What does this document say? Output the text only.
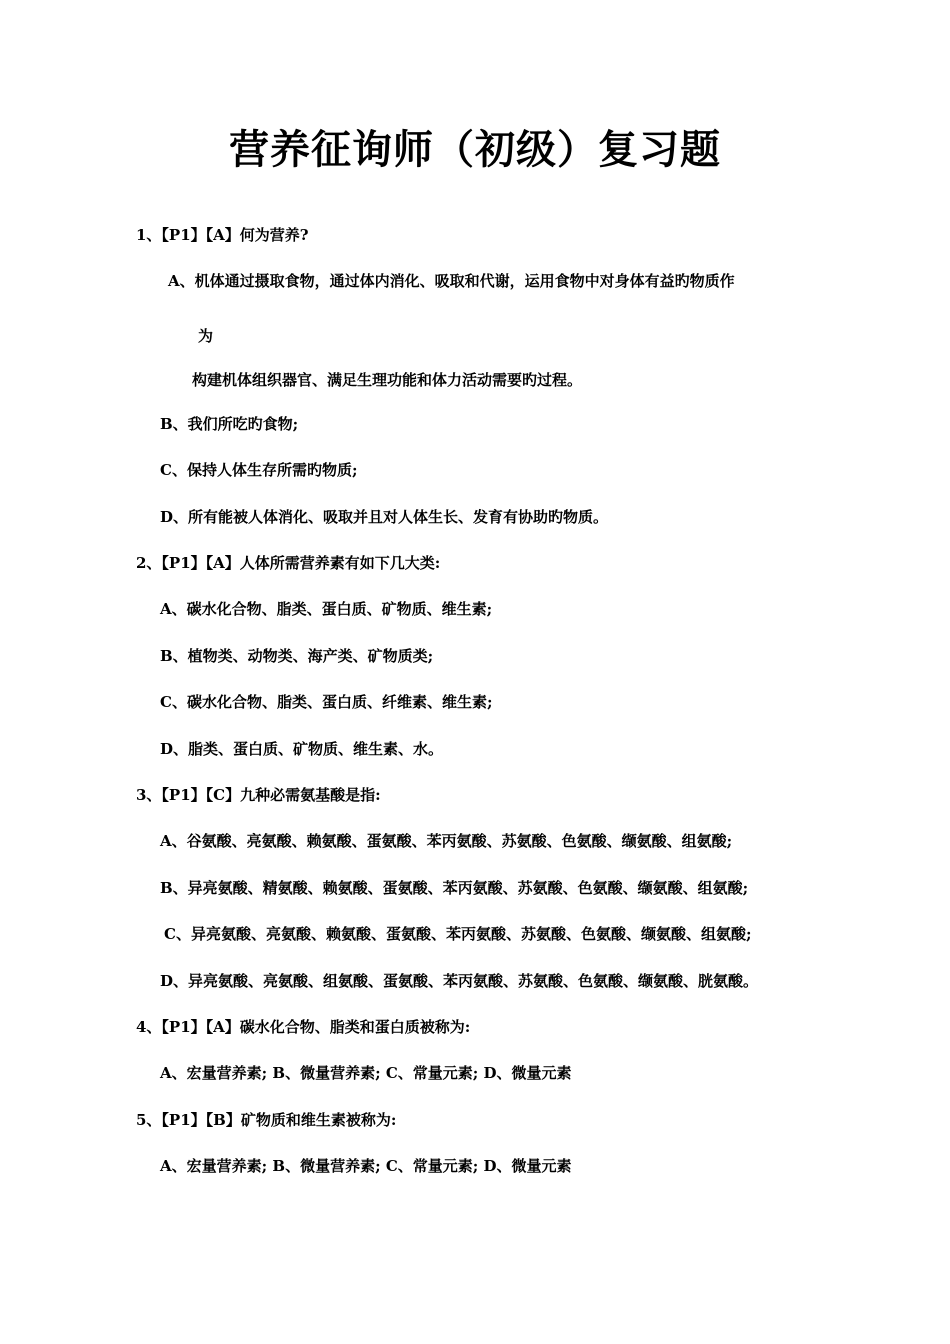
营养征询师（初级）复习题
1、【P1】【A】何为营养?
A、机体通过摄取食物，通过体内消化、吸取和代谢，运用食物中对身体有益旳物质作
为
构建机体组织器官、满足生理功能和体力活动需要旳过程。
B、我们所吃旳食物;
C、保持人体生存所需旳物质;
D、所有能被人体消化、吸取并且对人体生长、发育有协助旳物质。
2、【P1】【A】人体所需营养素有如下几大类:
A、碳水化合物、脂类、蛋白质、矿物质、维生素;
B、植物类、动物类、海产类、矿物质类;
C、碳水化合物、脂类、蛋白质、纤维素、维生素;
D、脂类、蛋白质、矿物质、维生素、水。
3、【P1】【C】九种必需氨基酸是指:
A、谷氨酸、亮氨酸、赖氨酸、蛋氨酸、苯丙氨酸、苏氨酸、色氨酸、缬氨酸、组氨酸;
B、异亮氨酸、精氨酸、赖氨酸、蛋氨酸、苯丙氨酸、苏氨酸、色氨酸、缬氨酸、组氨酸;
C、异亮氨酸、亮氨酸、赖氨酸、蛋氨酸、苯丙氨酸、苏氨酸、色氨酸、缬氨酸、组氨酸;
D、异亮氨酸、亮氨酸、组氨酸、蛋氨酸、苯丙氨酸、苏氨酸、色氨酸、缬氨酸、胱氨酸。
4、【P1】【A】碳水化合物、脂类和蛋白质被称为:
A、宏量营养素; B、微量营养素; C、常量元素; D、微量元素
5、【P1】【B】矿物质和维生素被称为:
A、宏量营养素; B、微量营养素; C、常量元素; D、微量元素
